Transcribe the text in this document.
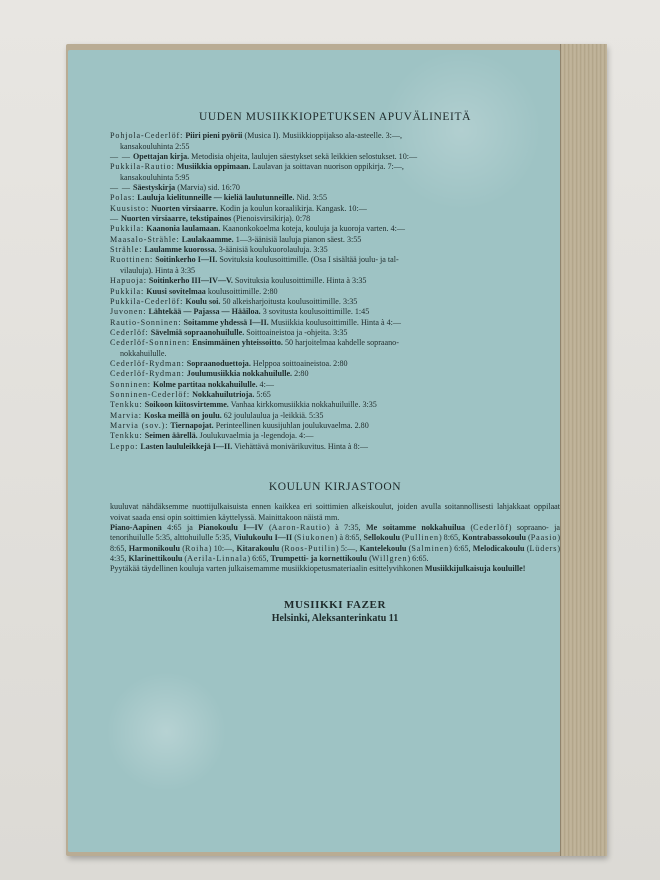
UUDEN MUSIIKKIOPETUKSEN APUVÄLINEITÄ

Pohjola-Cederlöf: Piiri pieni pyörii (Musica I). Musiikkioppijakso ala-asteelle. 3:—,
kansakouluhinta 2:55

— — Opettajan kirja. Metodisia ohjeita, laulujen säestykset sekä leikkien selostukset. 10:—

Pukkila-Rautio: Musiikkia oppimaan. Laulavan ja soittavan nuorison oppikirja. 7:—,
kansakouluhinta 5:95

— — Säestyskirja (Marvia) sid. 16:70

Polas: Lauluja kielitunneille — kieliä laulutunneille. Nid. 3:55

Kuusisto: Nuorten virsiaarre. Kodin ja koulun koraalikirja. Kangask. 10:—

— Nuorten virsiaarre, tekstipainos (Pienoisvirsikirja). 0:78

Pukkila: Kaanonia laulamaan. Kaanonkokoelma koteja, kouluja ja kuoroja varten. 4:—

Maasalo-Strähle: Laulakaamme. 1—3-äänisiä lauluja pianon säest. 3:55

Strähle: Laulamme kuorossa. 3-äänisiä koulukuorolauluja. 3:35

Ruottinen: Soitinkerho I—II. Sovituksia koulusoittimille. (Osa I sisältää joulu- ja tal-
vilauluja). Hinta à 3:35

Hapuoja: Soitinkerho III—IV—V. Sovituksia koulusoittimille. Hinta à 3:35

Pukkila: Kuusi sovitelmaa koulusoittimille. 2:80

Pukkila-Cederlöf: Koulu soi. 50 alkeisharjoitusta koulusoittimille. 3:35

Juvonen: Lähtekää — Pajassa — Hääiloa. 3 sovitusta koulusoittimille. 1:45

Rautio-Sonninen: Soitamme yhdessä I—II. Musiikkia koulusoittimille. Hinta à 4:—

Cederlöf: Sävelmiä sopraanohuilulle. Soittoaineistoa ja -ohjeita. 3:35

Cederlöf-Sonninen: Ensimmäinen yhteissoitto. 50 harjoitelmaa kahdelle sopraano-
nokkahuilulle.

Cederlöf-Rydman: Sopraanoduettoja. Helppoa soittoaineistoa. 2:80

Cederlöf-Rydman: Joulumusiikkia nokkahuilulle. 2:80

Sonninen: Kolme partitaa nokkahuilulle. 4:—

Sonninen-Cederlöf: Nokkahuilutrioja. 5:65

Tenkku: Soikoon kiitosvirtemme. Vanhaa kirkkomusiikkia nokkahuiluille. 3:35

Marvia: Koska meillä on joulu. 62 joululaulua ja -leikkiä. 5:35

Marvia (sov.): Tiernapojat. Perinteellinen kuusijuhlan joulukuvaelma. 2.80

Tenkku: Seimen äärellä. Joulukuvaelmia ja -legendoja. 4:—

Leppo: Lasten laululeikkejä I—II. Viehättävä monivärikuvitus. Hinta à 8:—

KOULUN KIRJASTOON

kuuluvat nähdäksemme nuottijulkaisuista ennen kaikkea eri soittimien alkeiskoulut, joiden avulla soitannollisesti lahjakkaat oppilaat voivat saada ensi opin soittimien käyttelyssä. Mainittakoon näistä mm.

Piano-Aapinen 4:65 ja Pianokoulu I—IV (Aaron-Rautio) à 7:35, Me soitamme nokkahuilua (Cederlöf) sopraano- ja tenorihuilulle 5:35, alttohuilulle 5:35, Viulukoulu I—II (Siukonen) à 8:65, Sellokoulu (Pullinen) 8:65, Kontrabassokoulu (Paasio) 8:65, Harmonikoulu (Roiha) 10:—, Kitarakoulu (Roos-Putilin) 5:—, Kantelekoulu (Salminen) 6:65, Melodicakoulu (Lüders) 4:35, Klarinettikoulu (Aerila-Linnala) 6:65, Trumpetti- ja kornettikoulu (Willgren) 6:65.

Pyytäkää täydellinen kouluja varten julkaisemamme musiikkiopetusmateriaalin esittelyvihkonen Musiikkijulkaisuja kouluille!

MUSIIKKI FAZER
Helsinki, Aleksanterinkatu 11
